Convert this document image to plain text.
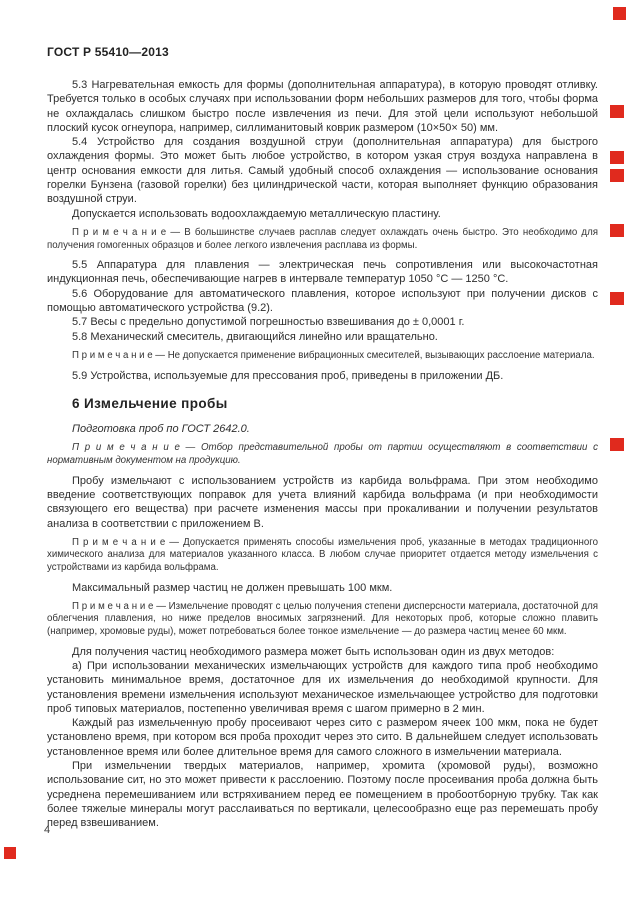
ГОСТ Р 55410—2013

5.3 Нагревательная емкость для формы (дополнительная аппаратура), в которую проводят отливку. Требуется только в особых случаях при использовании форм небольших размеров для того, чтобы форма не охлаждалась слишком быстро после извлечения из печи. Для этой цели используют небольшой плоский кусок огнеупора, например, силлиманитовый коврик размером (10×50× 50) мм.

5.4 Устройство для создания воздушной струи (дополнительная аппаратура) для быстрого охлаждения формы. Это может быть любое устройство, в котором узкая струя воздуха направлена в центр основания емкости для литья. Самый удобный способ охлаждения — использование основания горелки Бунзена (газовой горелки) без цилиндрической части, которая выполняет функцию образования воздушной струи.

Допускается использовать водоохлаждаемую металлическую пластину.

П р и м е ч а н и е — В большинстве случаев расплав следует охлаждать очень быстро. Это необходимо для получения гомогенных образцов и более легкого извлечения расплава из формы.

5.5 Аппаратура для плавления — электрическая печь сопротивления или высокочастотная индукционная печь, обеспечивающие нагрев в интервале температур 1050 °С — 1250 °С.

5.6 Оборудование для автоматического плавления, которое используют при получении дисков с помощью автоматического устройства (9.2).

5.7 Весы с предельно допустимой погрешностью взвешивания до ± 0,0001 г.

5.8 Механический смеситель, двигающийся линейно или вращательно.

П р и м е ч а н и е — Не допускается применение вибрационных смесителей, вызывающих расслоение материала.

5.9 Устройства, используемые для прессования проб, приведены в приложении ДБ.

6 Измельчение пробы

Подготовка проб по ГОСТ 2642.0.

П р и м е ч а н и е — Отбор представительной пробы от партии осуществляют в соответствии с нормативным документом на продукцию.

Пробу измельчают с использованием устройств из карбида вольфрама. При этом необходимо введение соответствующих поправок для учета влияний карбида вольфрама (и при необходимости связующего его вещества) при расчете изменения массы при прокаливании и получении результатов анализа в соответствии с приложением В.

П р и м е ч а н и е — Допускается применять способы измельчения проб, указанные в методах традиционного химического анализа для материалов указанного класса. В любом случае приоритет отдается методу измельчения с устройствами из карбида вольфрама.

Максимальный размер частиц не должен превышать 100 мкм.

П р и м е ч а н и е — Измельчение проводят с целью получения степени дисперсности материала, достаточной для облегчения плавления, но ниже пределов вносимых загрязнений. Для некоторых проб, которые сложно плавить (например, хромовые руды), может потребоваться более тонкое измельчение — до размера частиц менее 60 мкм.

Для получения частиц необходимого размера может быть использован один из двух методов:

а) При использовании механических измельчающих устройств для каждого типа проб необходимо установить минимальное время, достаточное для их измельчения до необходимой крупности. Для установления времени измельчения используют механическое измельчающее устройство для подготовки проб типовых материалов, постепенно увеличивая время с шагом примерно в 2 мин.

Каждый раз измельченную пробу просеивают через сито с размером ячеек 100 мкм, пока не будет установлено время, при котором вся проба проходит через это сито. В дальнейшем следует использовать установленное время или более длительное время для самого сложного в измельчении материала.

При измельчении твердых материалов, например, хромита (хромовой руды), возможно использование сит, но это может привести к расслоению. Поэтому после просеивания проба должна быть усреднена перемешиванием или встряхиванием перед ее помещением в пробоотборную трубку. Так как более тяжелые минералы могут расслаиваться по вертикали, целесообразно еще раз перемешать пробу перед взвешиванием.

4
